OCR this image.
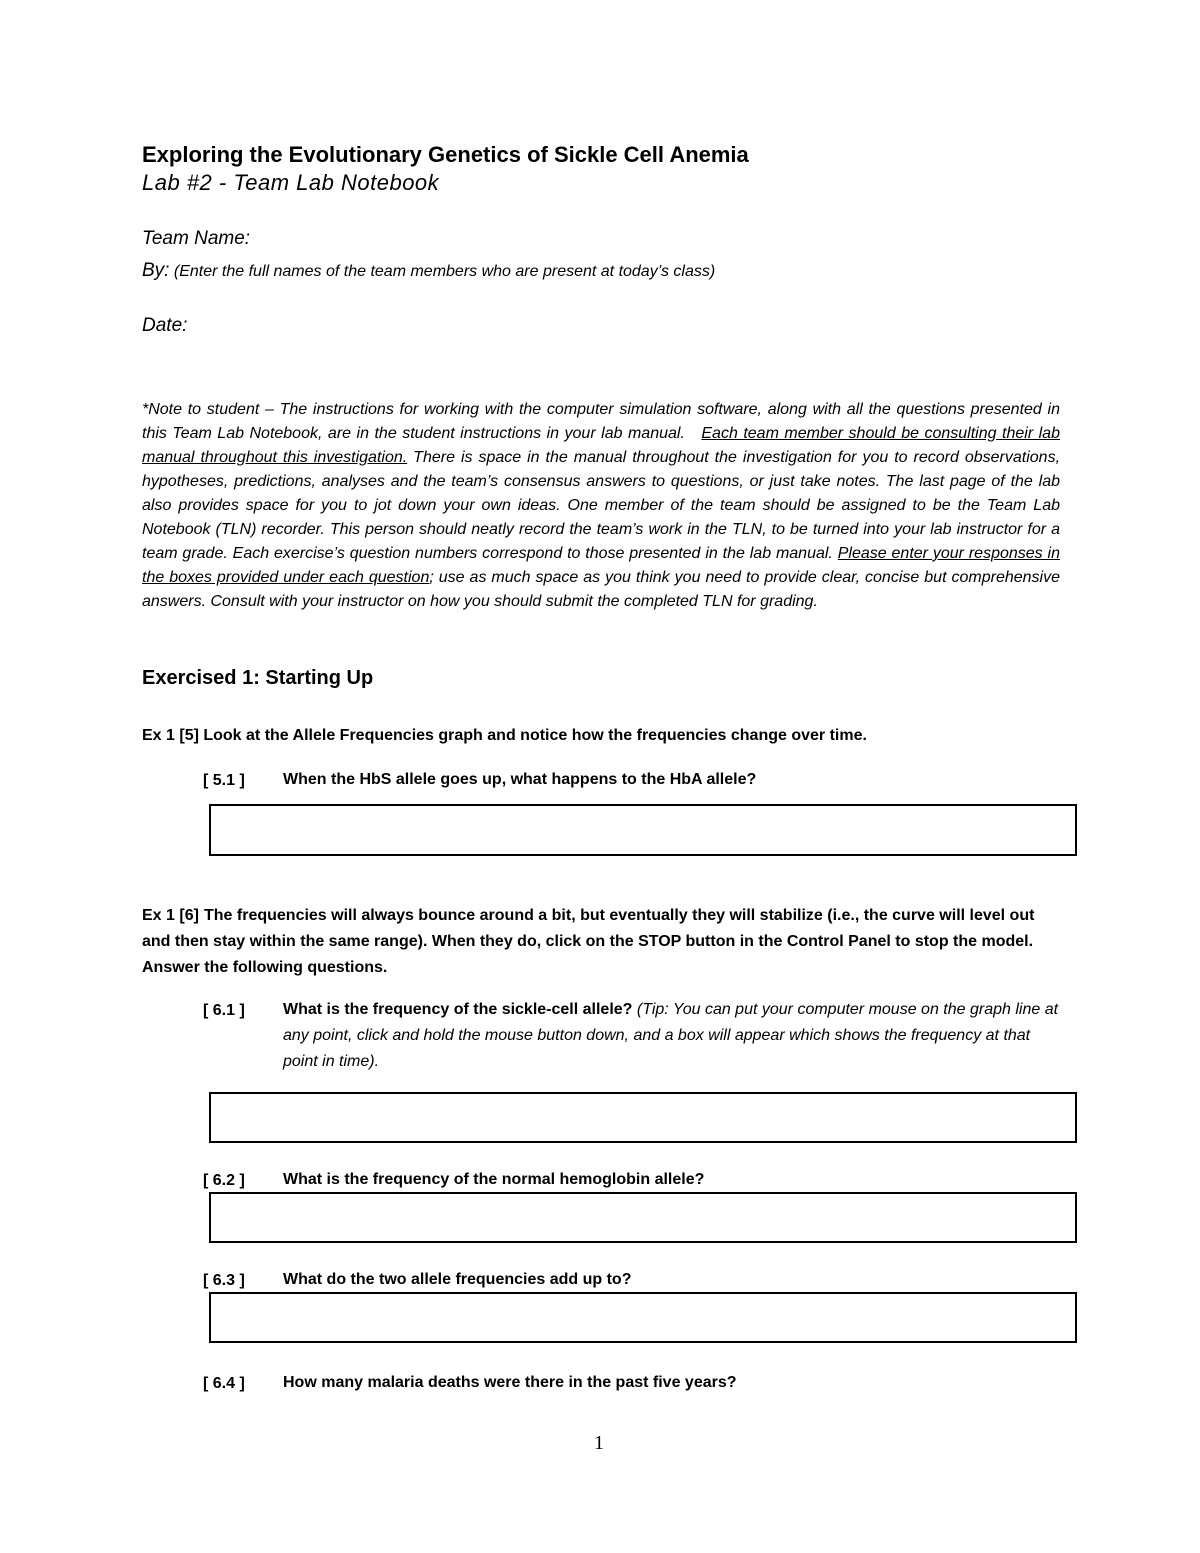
Exploring the Evolutionary Genetics of Sickle Cell Anemia
Lab #2 - Team Lab Notebook
Team Name:
By: (Enter the full names of the team members who are present at today’s class)
Date:
*Note to student – The instructions for working with the computer simulation software, along with all the questions presented in this Team Lab Notebook, are in the student instructions in your lab manual. Each team member should be consulting their lab manual throughout this investigation. There is space in the manual throughout the investigation for you to record observations, hypotheses, predictions, analyses and the team’s consensus answers to questions, or just take notes. The last page of the lab also provides space for you to jot down your own ideas. One member of the team should be assigned to be the Team Lab Notebook (TLN) recorder. This person should neatly record the team’s work in the TLN, to be turned into your lab instructor for a team grade. Each exercise’s question numbers correspond to those presented in the lab manual. Please enter your responses in the boxes provided under each question; use as much space as you think you need to provide clear, concise but comprehensive answers. Consult with your instructor on how you should submit the completed TLN for grading.
Exercised 1: Starting Up
Ex 1 [5] Look at the Allele Frequencies graph and notice how the frequencies change over time.
[ 5.1 ] When the HbS allele goes up, what happens to the HbA allele?
Ex 1 [6] The frequencies will always bounce around a bit, but eventually they will stabilize (i.e., the curve will level out and then stay within the same range). When they do, click on the STOP button in the Control Panel to stop the model. Answer the following questions.
[ 6.1 ] What is the frequency of the sickle-cell allele? (Tip: You can put your computer mouse on the graph line at any point, click and hold the mouse button down, and a box will appear which shows the frequency at that point in time).
[ 6.2 ] What is the frequency of the normal hemoglobin allele?
[ 6.3 ] What do the two allele frequencies add up to?
[ 6.4 ] How many malaria deaths were there in the past five years?
1
